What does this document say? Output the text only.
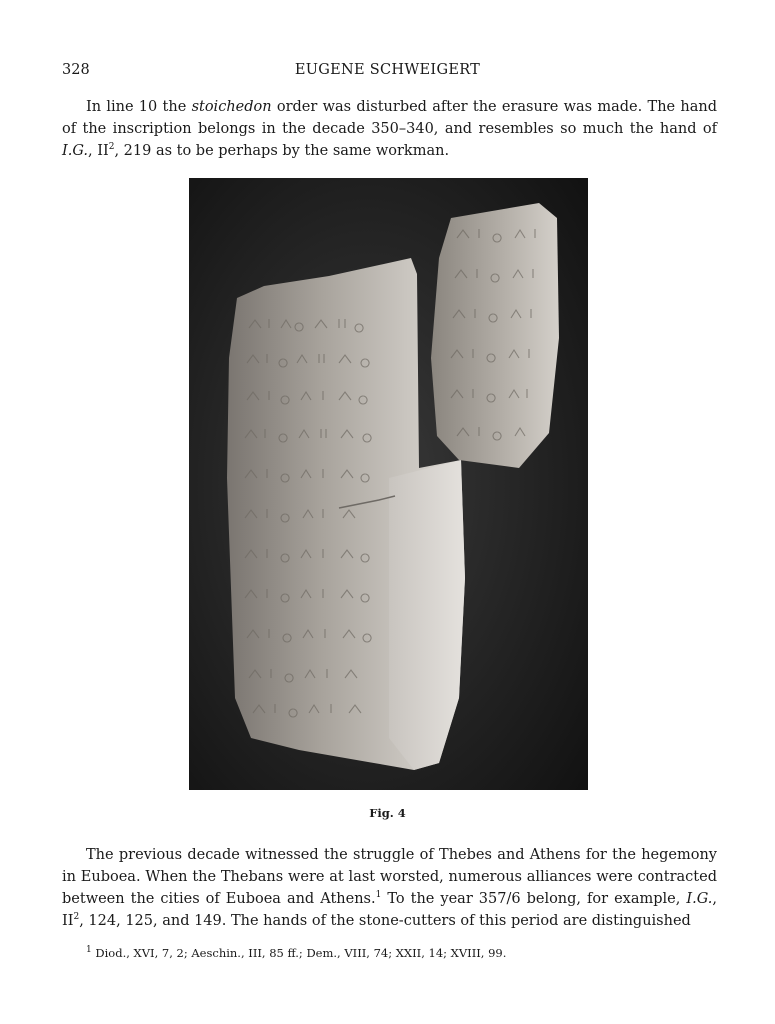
328	EUGENE SCHWEIGERT

In line 10 the stoichedon order was disturbed after the erasure was made. The hand of the inscription belongs in the decade 350–340, and resembles so much the hand of I.G., $II^2$, 219 as to be perhaps by the same workman.

Fig. 4

The previous decade witnessed the struggle of Thebes and Athens for the hegemony in Euboea. When the Thebans were at last worsted, numerous alliances were contracted between the cities of Euboea and Athens.$^1$ To the year 357/6 belong, for example, I.G., $II^2$, 124, 125, and 149. The hands of the stone-cutters of this period are distinguished

$^1$ Diod., XVI, 7, 2; Aeschin., III, 85 ff.; Dem., VIII, 74; XXII, 14; XVIII, 99.
